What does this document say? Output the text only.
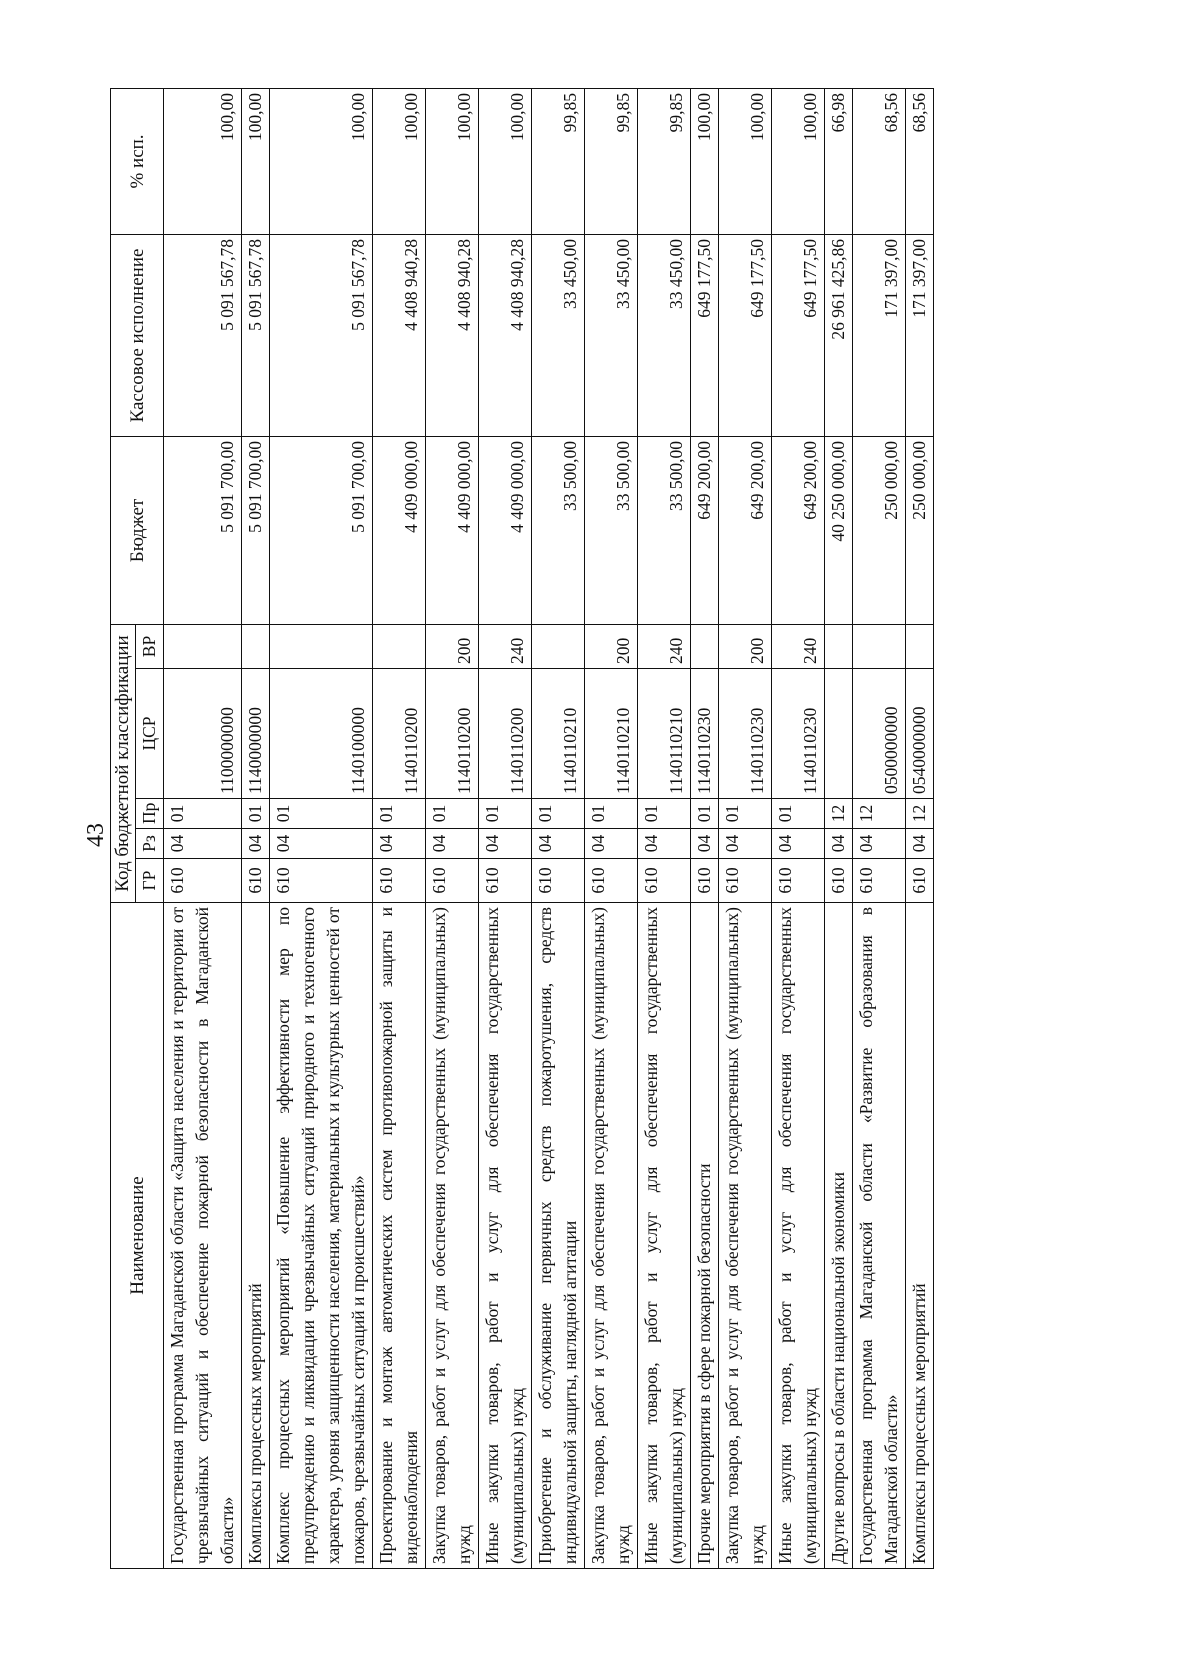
43
Наименование	Код бюджетной классификации					Бюджет	Кассовое исполнение	% исп.
	ГР	Рз	Пр	ЦСР	ВР			
Государственная программа Магаданской области «Защита населения и территории от чрезвычайных ситуаций и обеспечение пожарной безопасности в Магаданской области»	610	04	01	1100000000		5 091 700,00	5 091 567,78	100,00
Комплексы процессных мероприятий	610	04	01	1140000000		5 091 700,00	5 091 567,78	100,00
Комплекс процессных мероприятий «Повышение эффективности мер по предупреждению и ликвидации чрезвычайных ситуаций природного и техногенного характера, уровня защищенности населения, материальных и культурных ценностей от пожаров, чрезвычайных ситуаций и происшествий»	610	04	01	1140100000		5 091 700,00	5 091 567,78	100,00
Проектирование и монтаж автоматических систем противопожарной защиты и видеонаблюдения	610	04	01	1140110200		4 409 000,00	4 408 940,28	100,00
Закупка товаров, работ и услуг для обеспечения государственных (муниципальных) нужд	610	04	01	1140110200	200	4 409 000,00	4 408 940,28	100,00
Иные закупки товаров, работ и услуг для обеспечения государственных (муниципальных) нужд	610	04	01	1140110200	240	4 409 000,00	4 408 940,28	100,00
Приобретение и обслуживание первичных средств пожаротушения, средств индивидуальной защиты, наглядной агитации	610	04	01	1140110210		33 500,00	33 450,00	99,85
Закупка товаров, работ и услуг для обеспечения государственных (муниципальных) нужд	610	04	01	1140110210	200	33 500,00	33 450,00	99,85
Иные закупки товаров, работ и услуг для обеспечения государственных (муниципальных) нужд	610	04	01	1140110210	240	33 500,00	33 450,00	99,85
Прочие мероприятия в сфере пожарной безопасности	610	04	01	1140110230		649 200,00	649 177,50	100,00
Закупка товаров, работ и услуг для обеспечения государственных (муниципальных) нужд	610	04	01	1140110230	200	649 200,00	649 177,50	100,00
Иные закупки товаров, работ и услуг для обеспечения государственных (муниципальных) нужд	610	04	01	1140110230	240	649 200,00	649 177,50	100,00
Другие вопросы в области национальной экономики	610	04	12			40 250 000,00	26 961 425,86	66,98
Государственная программа Магаданской области «Развитие образования в Магаданской области»	610	04	12	0500000000		250 000,00	171 397,00	68,56
Комплексы процессных мероприятий	610	04	12	0540000000		250 000,00	171 397,00	68,56
